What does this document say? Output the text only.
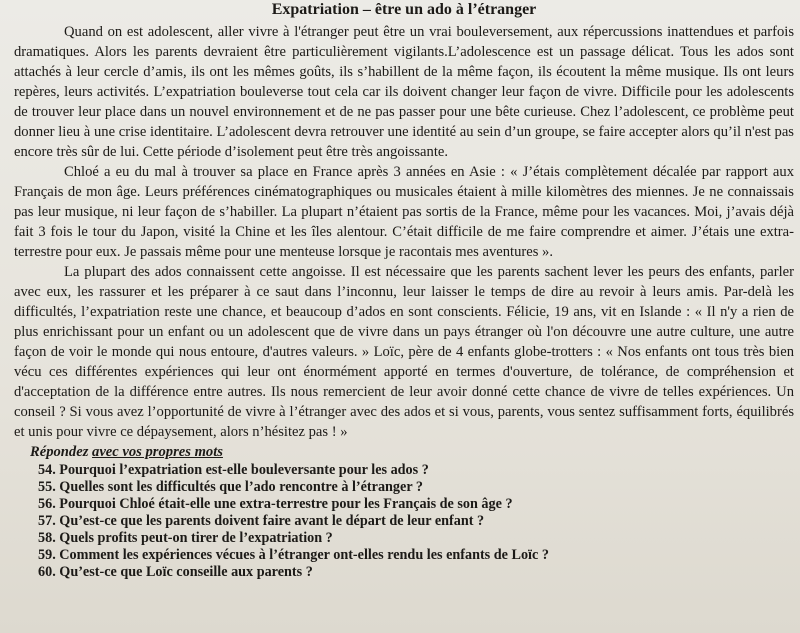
Expatriation – être un ado à l’étranger

Quand on est adolescent, aller vivre à l'étranger peut être un vrai bouleversement, aux répercussions inattendues et parfois dramatiques. Alors les parents devraient être particulièrement vigilants.L’adolescence est un passage délicat. Tous les ados sont attachés à leur cercle d’amis, ils ont les mêmes goûts, ils s’habillent de la même façon, ils écoutent la même musique. Ils ont leurs repères, leurs activités. L’expatriation bouleverse tout cela car ils doivent changer leur façon de vivre. Difficile pour les adolescents de trouver leur place dans un nouvel environnement et de ne pas passer pour une bête curieuse. Chez l’adolescent, ce problème peut donner lieu à une crise identitaire. L’adolescent devra retrouver une identité au sein d’un groupe, se faire accepter alors qu’il n'est pas encore très sûr de lui. Cette période d’isolement peut être très angoissante.

Chloé a eu du mal à trouver sa place en France après 3 années en Asie : « J’étais complètement décalée par rapport aux Français de mon âge. Leurs préférences cinématographiques ou musicales étaient à mille kilomètres des miennes. Je ne connaissais pas leur musique, ni leur façon de s’habiller. La plupart n’étaient pas sortis de la France, même pour les vacances. Moi, j’avais déjà fait 3 fois le tour du Japon, visité la Chine et les îles alentour. C’était difficile de me faire comprendre et aimer. J’étais une extra-terrestre pour eux. Je passais même pour une menteuse lorsque je racontais mes aventures ».

La plupart des ados connaissent cette angoisse. Il est nécessaire que les parents sachent lever les peurs des enfants, parler avec eux, les rassurer et les préparer à ce saut dans l’inconnu, leur laisser le temps de dire au revoir à leurs amis. Par-delà les difficultés, l’expatriation reste une chance, et beaucoup d’ados en sont conscients. Félicie, 19 ans, vit en Islande : « Il n'y a rien de plus enrichissant pour un enfant ou un adolescent que de vivre dans un pays étranger où l'on découvre une autre culture, une autre façon de voir le monde qui nous entoure, d'autres valeurs. » Loïc, père de 4 enfants globe-trotters : « Nos enfants ont tous très bien vécu ces différentes expériences qui leur ont énormément apporté en termes d'ouverture, de tolérance, de compréhension et d'acceptation de la différence entre autres. Ils nous remercient de leur avoir donné cette chance de vivre de telles expériences. Un conseil ? Si vous avez l’opportunité de vivre à l’étranger avec des ados et si vous, parents, vous sentez suffisamment forts, équilibrés et unis pour vivre ce dépaysement, alors n’hésitez pas ! »

Répondez avec vos propres mots
54. Pourquoi l’expatriation est-elle bouleversante pour les ados ?
55. Quelles sont les difficultés que l’ado rencontre à l’étranger ?
56. Pourquoi Chloé était-elle une extra-terrestre pour les Français de son âge ?
57. Qu’est-ce que les parents doivent faire avant le départ de leur enfant ?
58. Quels profits peut-on tirer de l’expatriation ?
59. Comment les expériences vécues à l’étranger ont-elles rendu les enfants de Loïc ?
60. Qu’est-ce que Loïc conseille aux parents ?
